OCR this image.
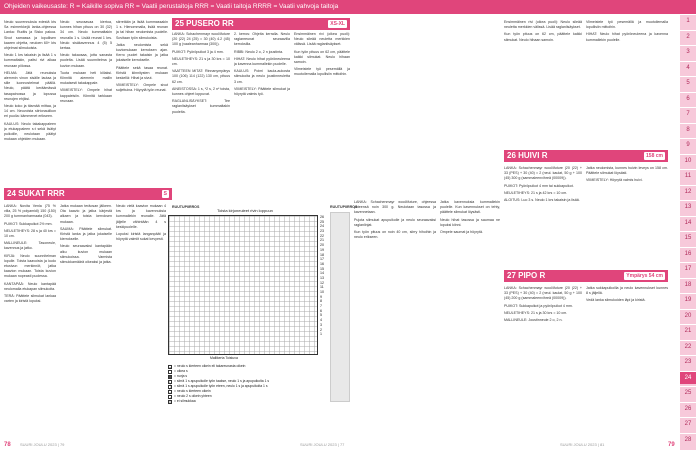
Ohjeiden vaikeusaste: R = Kaikille sopiva RR = Vaatii perustaitoja RRR = Vaatii taitoja RRRR = Vaatii vahvoja taitoja

Neulo suurennuksia edestä kts Sa esimerkkejä lanka-ohjeessa Lanka: Rudtis ja Sisko pakoa. Sivut samassa ja lopullisen kaaren ohjetta, neuloen 60+ kts ohjelmat silmukoista.

Neulo 1 krs takaisin ja lisää 1 s kummaltakin, paitsi rivi alkaa reunaan piilossa.

HELMA: Jätä reunuksia aiemmin vinon sisälle lautaa ja sille luonnostelmat päällä. Neulo, päätä keräämässä tasapainossa ja lopussa reunojen ehjiksi.

Neulo koko ja täsmää mittaa, ja 14 cm. Neuvoista siirtonaulikon eri puolia: kämmenet erikseen.

KAULUS: Neulo takakappaleen ja etukappaleen s:t sekä lisätyt puikoille, neulotaan päätyt mukaan ohjeiden mukaan.

Neulo seuraavaa kiertoa, kunnes hihan pituus on 30 (32) 34 cm. Neulo kummaltakin reunalla 1 s. Lisää reunat 1 krs. Neulo sisäkavennus 4 (5) 5 kertaa.

Neulo takaosaa, jotta sanasta puolelta. Lisää suunnitelma ja kuvion mukaan.

Tuota mukaan heti kiilaksi. Kiinnitä aiemmin mallin mukaisesti takakappale.

VIIMEISTELY: Ompele hihat kappaleisiin. Kiinnitä tarkkaan reunaan.

siirretään ja lisää kummassakin 1 s. Hienommalla, lisää reunan ja tai hihan neulomista puolelle. Sovitaan työn silmukoista.

Jatka neulomista sekä kuviomukaan kerroksen ajan. Kerro puolet takaisin ja jatka jokaiselle kerrokselle.

Päättele sekä tasaa reunat. Kiristä kiinnitysten mukaan keskellä: Hihat ja sivut.

VIIMEISTELY: Ompele sivut suljettuina. Höyrytä työn reunat.

24 SUKAT RRR	S

LANKA: Novita Venla (75 % villa, 25 % polyamidi) 150 (150) 200 g tummanharmaata (043).

PUIKOT: Sukkapuikot 2½ mm.

NEULETIHEYS: 28 s ja 40 krs = 10 cm.

MALLINEULE: Tasoneule, kavennus ja jatko.

KIRJA: Neulo suunnitelman lopulle. Toista kaavoista ja kudo etusivun merkinnöt, jatka kaavion mukaan. Toista kuvion mukaan nopeasti puolessa.

KANTAPÄÄ: Neulo kantapää neulomalla etukapan silmukoita.

TERÄ: Päättele silmukat lankaa varten ja kiristä lopuksi.

Jatka mukaan teräosan jälkeen. Ota kaavio ja jatka kärjestä alkaen ja toista kerroksen mukaan.

SAUMA: Päättele silmukat. Kiristä lanka ja jatka jokaiselle kierrokselle.

Neulo seuraavaksi kantapään alku kuvion mukaan silmukoissa. Varmista silmukkamäärä oikeaksi ja jatka.

Neulo vielä kaavion mukaan 4 krs ja kavennuksia kummallekin reunalle. Jätä jäljelle vähintään 4 s keskipuolelle.

Lopuksi kiristä langanpäät ja höyrytä valmiit sukat kevyesti.

25 PUSERO RR	XS-XL

LANKA: Schachenmayr wool4future (20 (22) 24 (25) = 30 (40) 4.2 (45) 100 g (vaaleanharmaa (300)).

PUIKOT: Pyöröpuikot 3 ja 4 mm.

NEULETIHEYS: 21 s ja 30 krs = 10 cm.

VAATTEEN MITAT: Rinnanympärys 100 (106) 114 (122) 130 cm, pituus 62 cm.

AINEISTOSSA: 1 s, *2 s, 2 n* toista, kunnes ohjeet loppuvat.

RAGLANLISÄYKSET: Tee raglanlisäykset kummaltakin puolelta.

2. kerros: Ohjeita kerralla. Neulo raglanreunat seuraavilla kerroksilla.

RIBBI: Neulo 2 o, 2 n joustinta.

HIHAT: Neulo hihat pyöröneuleena ja kavenna kummallekin puolelle.

KAULUS: Poimi kaula-aukosta silmukoita ja neulo joustinneuletta 3 cm.

VIIMEISTELY: Päättele silmukat ja höyrytä valmis työ.

Ensimmäinen rivi (oikea puoli): Neulo sileää neuletta merkkien välissä. Lisää raglanlisäykset.

Kun työn pituus on 62 cm, päättele kaikki silmukat. Neulo hihaan samoin.

Viimeistele työ pesemällä ja muotoilemalla lopullisiin mittoihin.

RUUTUPIIRROS
Toista kirjoneuleet rivin loppuun
26
25
24
23
22
21
20
19
18
17
16
15
14
13
12
11
10
9
8
7
6
5
4
3
2
1
Mallikerta Toistuva
ꝏ = neulo s kierteen oikein eli takareunasta oikein
= oikea s
= nurja s
╲ = siirrä 1 s apupuikolle työn taakse, neulo 1 s ja apupuikolta 1 s
╱ = siirrä 1 s apupuikolle työn eteen, neulo 1 s ja apupuikolta 1 s
× = neulo s kierteen oikein
/	= neulo 2 s oikein yhteen
= ei silmukkaa
RUUTUPIIRROS

LANKA: Schachenmayr wool4future, ohjeessa yhteensä noin 300 g. Neulotaan tasossa ja kavennetaan.

Pujota silmukat apupuikolle ja neulo seuraavaksi raglanlinjat.

Kun työn pituus on noin 40 cm, siirry hihoihin ja neulo erikseen.

Jatka kavennuksia kummallekin puolelle. Kun kavennukset on tehty, päättele silmukat löysästi.

Neulo hihat tasossa ja saumaa ne lopuksi kiinni.

Ompele saumat ja höyrytä.

26 HUIVI R	158 cm

LANKA: Schachenmayr wool4future (20 (22) + 33 (PES) + 30 (40) = 2 (neul. kaulat, 50 g + 100 (45) 300 g (sammaleenvihreä (00009)).

PUIKOT: Pyöröpuikot 4 mm tai sukkapuikot.

NEULETIHEYS: 21 s ja 42 krs = 10 cm.

ALOITUS: Luo 3 s. Neulo 1 krs takaisin ja lisää.

Jatka neulomista, kunnes huivin leveys on 158 cm. Päättele silmukat löysästi.

VIIMEISTELY: Höyrytä valmis huivi.

27 PIPO R	Ympärys 54 cm

LANKA: Schachenmayr wool4future (20 (22) + 33 (PES) + 30 (40) = 2 (neul. kaulat, 50 g + 100 (45) 200 g (sammaleenvihreä (00009)).

PUIKOT: Sukkapuikot ja pyöröpuikot 4 mm.

NEULETIHEYS: 21 s ja 30 krs = 10 cm.

MALLINEULE: Joustinneule 2 o, 2 n.

Jatka sukkapuikoilla ja neulo kavennukset kunnes 8 s jäljellä.

Vedä lanka silmukoiden läpi ja kiristä.

Ensimmäinen rivi (oikea puoli): Neulo sileää neuletta merkkien välissä. Lisää raglanlisäykset.

Kun työn pituus on 62 cm, päättele kaikki silmukat. Neulo hihaan samoin.

Viimeistele työ pesemällä ja muotoilemalla lopullisiin mittoihin.

HIHAT: Neulo hihat pyöröneuleena ja kavenna kummallekin puolelle.

1
2
3
4
5
6
7
8
9
10
11
12
13
14
15
16
17
18
19
20
21
22
23
24
25
26
27
28
SUURI JOULU 2023 | 79	SUURI JOULU 2023 | 77	SUURI JOULU 2023 | 81
78	79
